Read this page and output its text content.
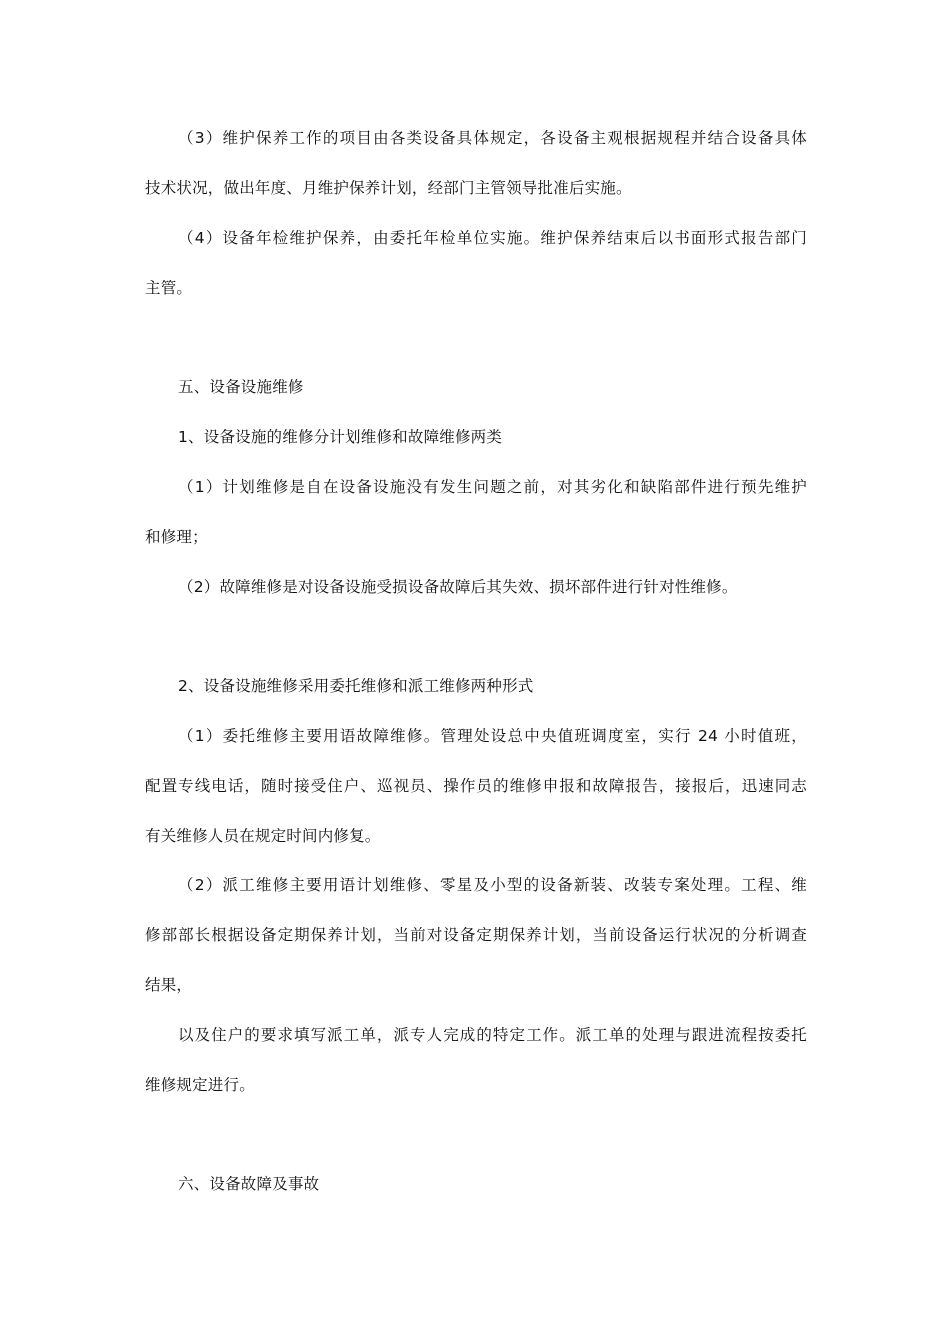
（3）维护保养工作的项目由各类设备具体规定，各设备主观根据规程并结合设备具体
技术状况，做出年度、月维护保养计划，经部门主管领导批准后实施。
（4）设备年检维护保养，由委托年检单位实施。维护保养结束后以书面形式报告部门
主管。
五、设备设施维修
1、设备设施的维修分计划维修和故障维修两类
（1）计划维修是自在设备设施没有发生问题之前，对其劣化和缺陷部件进行预先维护
和修理；
（2）故障维修是对设备设施受损设备故障后其失效、损坏部件进行针对性维修。
2、设备设施维修采用委托维修和派工维修两种形式
（1）委托维修主要用语故障维修。管理处设总中央值班调度室，实行 24 小时值班，
配置专线电话，随时接受住户、巡视员、操作员的维修申报和故障报告，接报后，迅速同志
有关维修人员在规定时间内修复。
（2）派工维修主要用语计划维修、零星及小型的设备新装、改装专案处理。工程、维
修部部长根据设备定期保养计划，当前对设备定期保养计划，当前设备运行状况的分析调查
结果，
以及住户的要求填写派工单，派专人完成的特定工作。派工单的处理与跟进流程按委托
维修规定进行。
六、设备故障及事故
